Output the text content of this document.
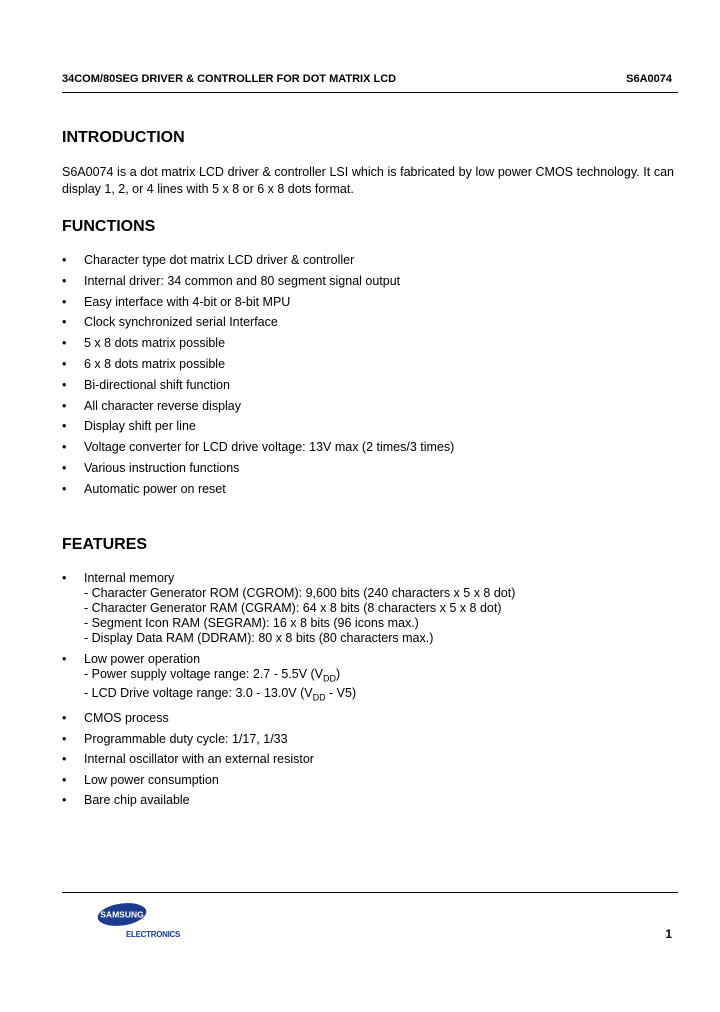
34COM/80SEG DRIVER & CONTROLLER FOR DOT MATRIX LCD	S6A0074
INTRODUCTION

S6A0074 is a dot matrix LCD driver & controller LSI which is fabricated by low power CMOS technology. It can display 1, 2, or 4 lines with 5 x 8 or 6 x 8 dots format.

FUNCTIONS
• Character type dot matrix LCD driver & controller
• Internal driver: 34 common and 80 segment signal output
• Easy interface with 4-bit or 8-bit MPU
• Clock synchronized serial Interface
• 5 x 8 dots matrix possible
• 6 x 8 dots matrix possible
• Bi-directional shift function
• All character reverse display
• Display shift per line
• Voltage converter for LCD drive voltage: 13V max (2 times/3 times)
• Various instruction functions
• Automatic power on reset
FEATURES
• Internal memory
- Character Generator ROM (CGROM): 9,600 bits (240 characters x 5 x 8 dot)
- Character Generator RAM (CGRAM): 64 x 8 bits (8 characters x 5 x 8 dot)
- Segment Icon RAM (SEGRAM): 16 x 8 bits (96 icons max.)
- Display Data RAM (DDRAM): 80 x 8 bits (80 characters max.)
• Low power operation
- Power supply voltage range: 2.7 - 5.5V $(V_{DD})$
- LCD Drive voltage range: 3.0 - 13.0V $(V_{DD} - V5)$
• CMOS process
• Programmable duty cycle: 1/17, 1/33
• Internal oscillator with an external resistor
• Low power consumption
• Bare chip available
SAMSUNG
ELECTRONICS	1
